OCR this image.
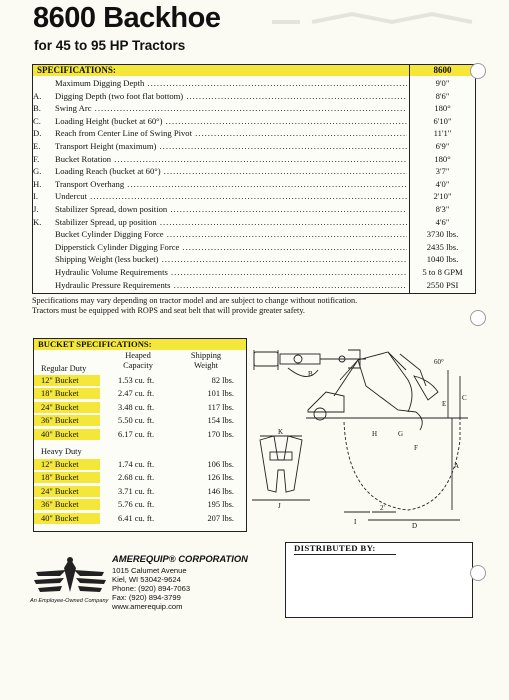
8600 Backhoe
for 45 to 95 HP Tractors
SPECIFICATIONS:	8600
Maximum Digging Depth .....	9'0"
A.	Digging Depth (two foot flat bottom) .....	8'6"
B.	Swing Arc .....	180°
C.	Loading Height (bucket at 60°) .....	6'10"
D.	Reach from Center Line of Swing Pivot .....	11'1"
E.	Transport Height (maximum) .....	6'9"
F.	Bucket Rotation .....	180°
G.	Loading Reach (bucket at 60°) .....	3'7"
H.	Transport Overhang .....	4'0"
I.	Undercut .....	2'10"
J.	Stabilizer Spread, down position .....	8'3"
K.	Stabilizer Spread, up position .....	4'6"
Bucket Cylinder Digging Force .....	3730 lbs.
Dipperstick Cylinder Digging Force .....	2435 lbs.
Shipping Weight (less bucket) .....	1040 lbs.
Hydraulic Volume Requirements .....	5 to 8 GPM
Hydraulic Pressure Requirements .....	2550 PSI
Specifications may vary depending on tractor model and are subject to change without notification.
Tractors must be equipped with ROPS and seat belt that will provide greater safety.
BUCKET SPECIFICATIONS:
Heaped
Capacity
Shipping
Weight
Regular Duty
12" Bucket	1.53 cu. ft.	82 lbs.
18" Bucket	2.47 cu. ft.	101 lbs.
24" Bucket	3.48 cu. ft.	117 lbs.
36" Bucket	5.50 cu. ft.	154 lbs.
40" Bucket	6.17 cu. ft.	170 lbs.
Heavy Duty
12" Bucket	1.74 cu. ft.	106 lbs.
18" Bucket	2.68 cu. ft.	126 lbs.
24" Bucket	3.71 cu. ft.	146 lbs.
36" Bucket	5.76 cu. ft.	195 lbs.
40" Bucket	6.41 cu. ft.	207 lbs.
B
60°
C
E
A
F
G
H
I
2'
D
K
J
AMEREQUIP® CORPORATION
1015 Calumet Avenue
Kiel, WI 53042-9624
Phone: (920) 894-7063
Fax: (920) 894-3799
www.amerequip.com
An Employee-Owned Company
DISTRIBUTED BY:
